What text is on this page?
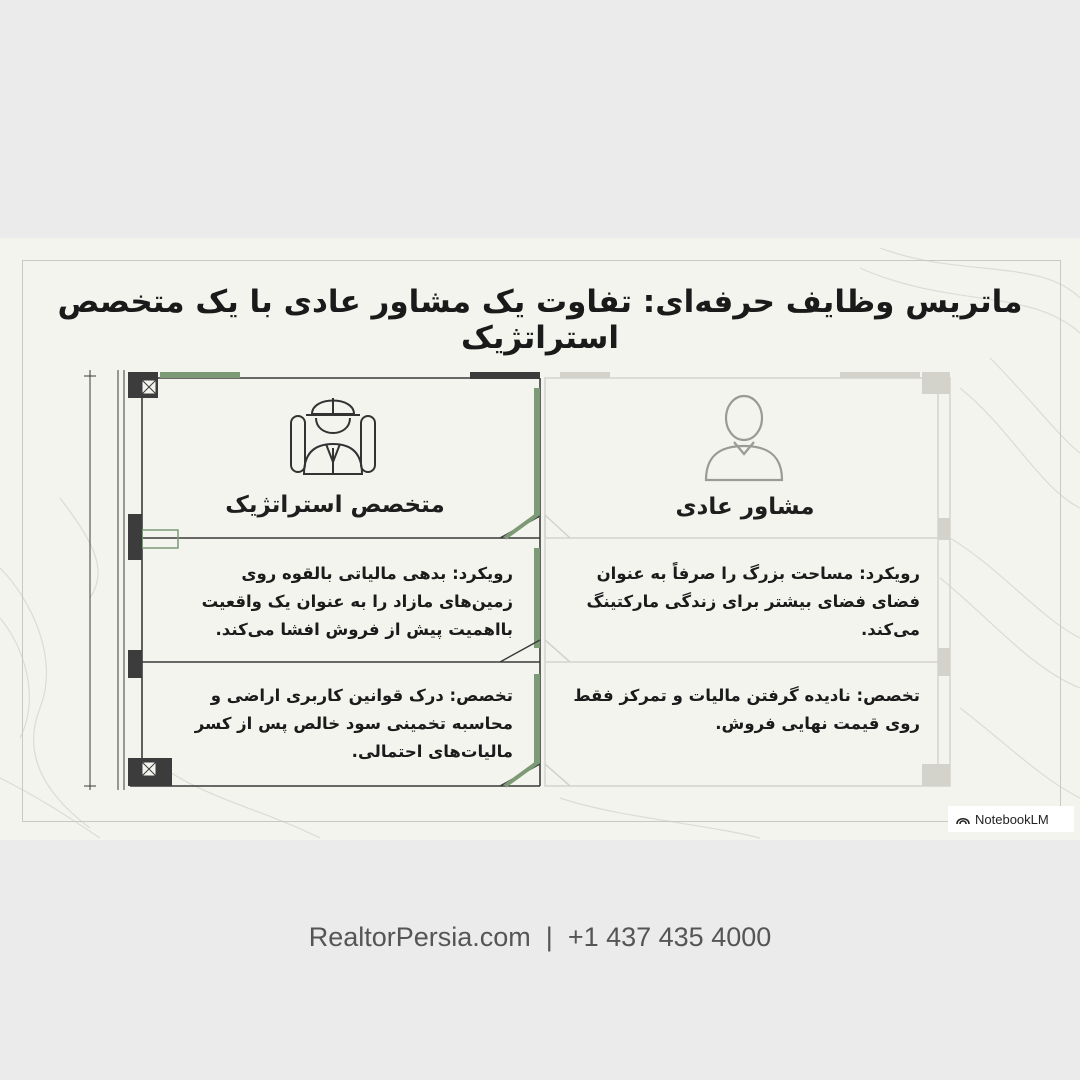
ماتریس وظایف حرفه‌ای: تفاوت یک مشاور عادی با یک متخصص استراتژیک
متخصص استراتژیک	مشاور عادی
رویکرد: بدهی مالیاتی بالقوه روی زمین‌های مازاد را به عنوان یک واقعیت بااهمیت پیش از فروش افشا می‌کند.
رویکرد: مساحت بزرگ را صرفاً به عنوان فضای فضای بیشتر برای زندگی مارکتینگ می‌کند.
تخصص: درک قوانین کاربری اراضی و محاسبه تخمینی سود خالص پس از کسر مالیات‌های احتمالی.
تخصص: نادیده گرفتن مالیات و تمرکز فقط روی قیمت نهایی فروش.
NotebookLM
RealtorPersia.com  |  +1 437 435 4000
